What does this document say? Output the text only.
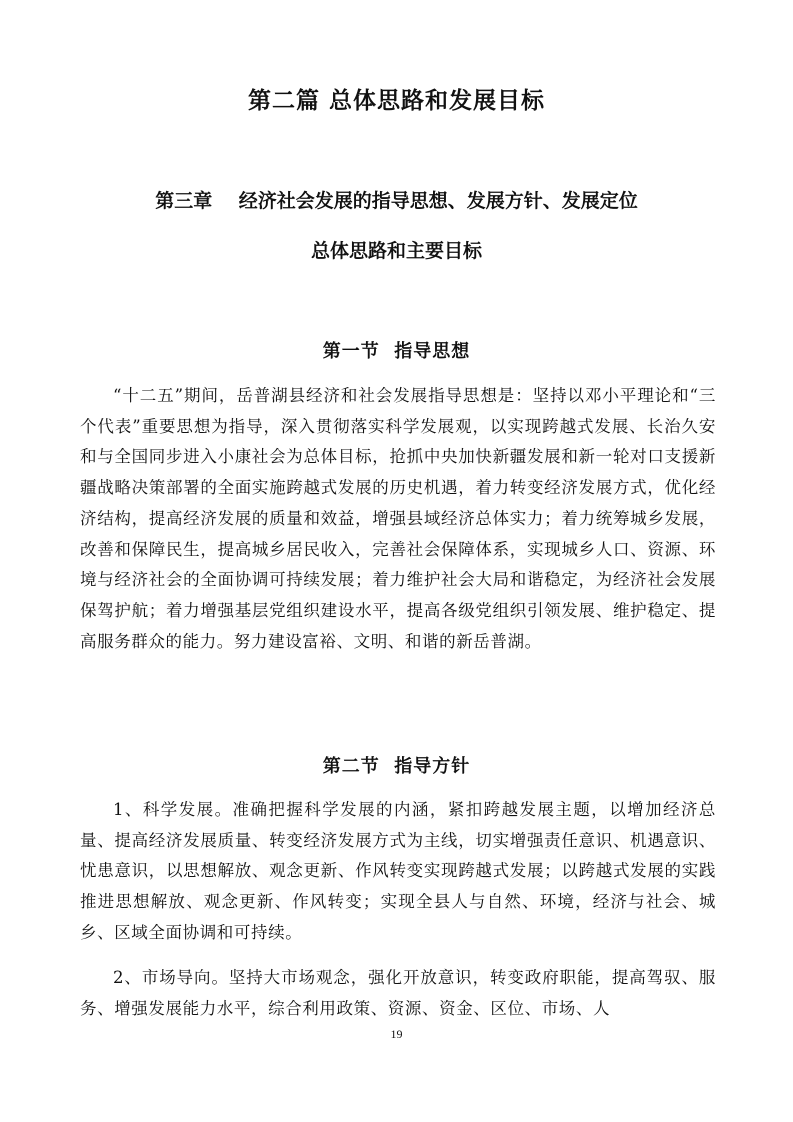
第二篇 总体思路和发展目标
第三章    经济社会发展的指导思想、发展方针、发展定位
总体思路和主要目标
第一节  指导思想

“十二五”期间，岳普湖县经济和社会发展指导思想是：坚持以邓小平理论和“三个代表”重要思想为指导，深入贯彻落实科学发展观，以实现跨越式发展、长治久安和与全国同步进入小康社会为总体目标，抢抓中央加快新疆发展和新一轮对口支援新疆战略决策部署的全面实施跨越式发展的历史机遇，着力转变经济发展方式，优化经济结构，提高经济发展的质量和效益，增强县域经济总体实力；着力统筹城乡发展，改善和保障民生，提高城乡居民收入，完善社会保障体系，实现城乡人口、资源、环境与经济社会的全面协调可持续发展；着力维护社会大局和谐稳定，为经济社会发展保驾护航；着力增强基层党组织建设水平，提高各级党组织引领发展、维护稳定、提高服务群众的能力。努力建设富裕、文明、和谐的新岳普湖。

第二节  指导方针

1、科学发展。准确把握科学发展的内涵，紧扣跨越发展主题，以增加经济总量、提高经济发展质量、转变经济发展方式为主线，切实增强责任意识、机遇意识、忧患意识，以思想解放、观念更新、作风转变实现跨越式发展；以跨越式发展的实践推进思想解放、观念更新、作风转变；实现全县人与自然、环境，经济与社会、城乡、区域全面协调和可持续。

2、市场导向。坚持大市场观念，强化开放意识，转变政府职能，提高驾驭、服务、增强发展能力水平，综合利用政策、资源、资金、区位、市场、人

19
